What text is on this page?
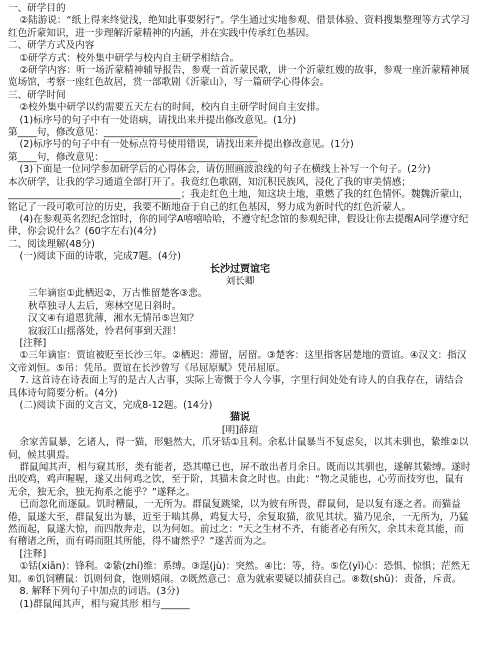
一、研学目的

②陆游说：“纸上得来终觉浅，绝知此事要躬行”。学生通过实地参观、借景体验、资料搜集整理等方式学习红色沂蒙知识，进一步理解沂蒙精神的内涵，并在实践中传承红色基因。

二、研学方式及内容

①研学方式：校外集中研学与校内自主研学相结合。

②研学内容：听一场沂蒙精神辅导报告，参观一首沂蒙民歌，讲一个沂蒙红嫂的故事，参观一座沂蒙精神展览场馆，考察一座红色故居，赏一部歌剧《沂蒙山》，写一篇研学心得体会。

三、研学时间

②校外集中研学以约需要五天左右的时间，校内自主研学时间自主安排。

(1)标序号的句子中有一处语病，请找出来并提出修改意见。(1分)

第____句，修改意见：________________________________

(2)标序号的句子中有一处标点符号使用错误，请找出来并提出修改意见。(1分)

第____句，修改意见：________________________________

(3)下面是一位同学参加研学后的心得体会，请仿照画波浪线的句子在横线上补写一个句子。(2分)

本次研学，让我的学习通道全部打开了。我竟红色歌剧，知沉积民族风，浸化了我的审美情感；____________________________________；我走红色土地，知这块土地，重燃了我的红色情怀。魏魏沂蒙山，铭记了一段可歌可泣的历史，我要不断地奋于自己的红色基因，努力成为新时代的红色沂蒙人。

(4)在参观英名烈纪念馆时，你的同学A嘻嘻哈哈，不遵守纪念馆的参观纪律，假设让你去提醒A同学遵守纪律，你会说什么？(60字左右)(4分)

二、阅读理解(48分)

(一)阅读下面的诗歌，完成7题。(4分)

长沙过贾谊宅

刘长卿

三年谪宦①此栖迟②，万古惟留楚客③悲。

秋草独寻人去后，寒林空见日斜时。

汉文④有道恩犹薄，湘水无情吊⑤岂知？

寂寂江山摇落处，怜君何事到天涯！

[注释]

①三年谪宦：贾谊被贬至长沙三年。②栖迟：滞留，居留。③楚客：这里指客居楚地的贾谊。④汉文：指汉文帝刘恒。⑤吊：凭吊。贾谊在长沙曾写《吊屈原赋》凭吊屈原。

7. 这首诗在诗表面上写的是古人古事，实际上寄慨于今人今事，字里行间处处有诗人的自我存在，请结合具体诗句简要分析。(4分)

(二)阅读下面的文言文，完成8-12题。(14分)

猫说

[明]薛瑄

余家苦鼠暴，乞诸人，得一猫，形魁然大，爪牙铦①且利。余私计鼠暴当不复虑矣，以其未驯也，絷维②以伺，候其驯焉。

群鼠闻其声，相与窥其形，类有能者，恐其噬已也，屏不敢出者月余日。既而以其驯也，遂解其絷缚。遂时出咬鸡，鸡声喔喔，遂又出何鸡之饮，至于阶，其猫未食之时也。由此：“物之灵能也，心劳而技穷也，鼠有无余，独无余，独无拘系之能乎？”遂释之。

已而忽化而逐鼠。饥时糟鼠，一无所为。群鼠复跳梁，以为彼有所畏，群鼠伺，是以复有逐之者。而猫益倦，鼠遂大至，群鼠复出为暴，近至于啮其鼻，鸡复大号，余复取猫，欲见其状。猫乃见余，一无所为，乃猛然而起，鼠遂大惊，而四散奔走，以为何如。前过之：“天之生材不齐，有能者必有所欠，余其未竟其能，而有稽诸之所，而有碍而阻其所能，得不庸然乎？”遂苦而为之。

[注释]

①铦(xiān)：锋利。②絷(zhí)维：系缚。③逞(jù)：突然。④比：等，待。⑤仡(yì)心：恐惧、惊惧；茫然无知。⑥饥饲糟鼠：饥则伺食，饱则嬉闹。⑦既然意己：意为就索要疑以捕获自己。⑧数(shǔ)：责备，斥责。

8. 解释下列句子中加点的词语。(3分)

(1)群鼠闻其声，相与窥其形 相与______
